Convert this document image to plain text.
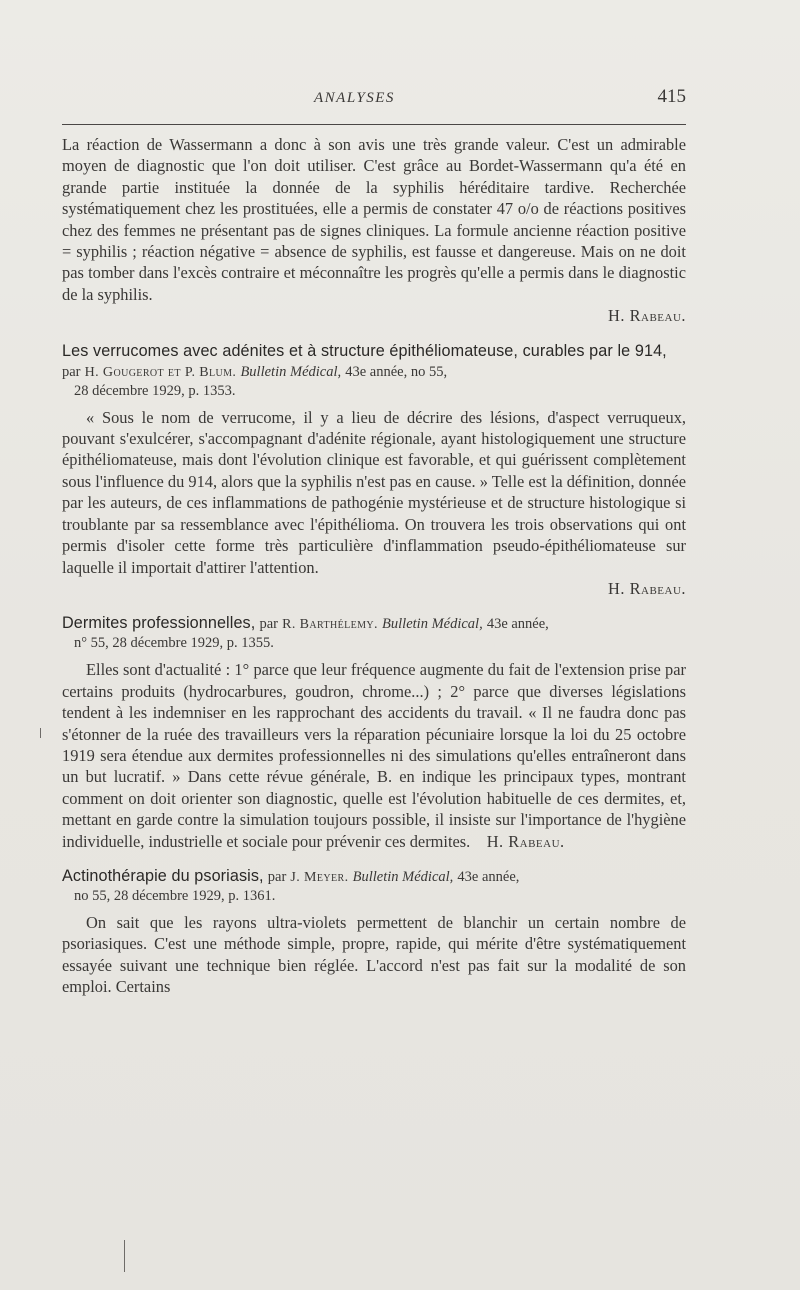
ANALYSES	415

La réaction de Wassermann a donc à son avis une très grande valeur. C'est un admirable moyen de diagnostic que l'on doit utiliser. C'est grâce au Bordet-Wassermann qu'a été en grande partie instituée la donnée de la syphilis héréditaire tardive. Recherchée systématiquement chez les prostituées, elle a permis de constater 47 o/o de réactions positives chez des femmes ne présentant pas de signes cliniques. La formule ancienne réaction positive = syphilis ; réaction négative = absence de syphilis, est fausse et dangereuse. Mais on ne doit pas tomber dans l'excès contraire et méconnaître les progrès qu'elle a permis dans le diagnostic de la syphilis.

H. Rabeau.

Les verrucomes avec adénites et à structure épithéliomateuse, curables par le 914, par H. Gougerot et P. Blum. Bulletin Médical, 43e année, no 55,
28 décembre 1929, p. 1353.

« Sous le nom de verrucome, il y a lieu de décrire des lésions, d'aspect verruqueux, pouvant s'exulcérer, s'accompagnant d'adénite régionale, ayant histologiquement une structure épithéliomateuse, mais dont l'évolution clinique est favorable, et qui guérissent complètement sous l'influence du 914, alors que la syphilis n'est pas en cause. » Telle est la définition, donnée par les auteurs, de ces inflammations de pathogénie mystérieuse et de structure histologique si troublante par sa ressemblance avec l'épithélioma. On trouvera les trois observations qui ont permis d'isoler cette forme très particulière d'inflammation pseudo-épithéliomateuse sur laquelle il importait d'attirer l'attention.

H. Rabeau.

Dermites professionnelles, par R. Barthélemy. Bulletin Médical, 43e année,
n° 55, 28 décembre 1929, p. 1355.

Elles sont d'actualité : 1° parce que leur fréquence augmente du fait de l'extension prise par certains produits (hydrocarbures, goudron, chrome...) ; 2° parce que diverses législations tendent à les indemniser en les rapprochant des accidents du travail. « Il ne faudra donc pas s'étonner de la ruée des travailleurs vers la réparation pécuniaire lorsque la loi du 25 octobre 1919 sera étendue aux dermites professionnelles ni des simulations qu'elles entraîneront dans un but lucratif. » Dans cette révue générale, B. en indique les principaux types, montrant comment on doit orienter son diagnostic, quelle est l'évolution habituelle de ces dermites, et, mettant en garde contre la simulation toujours possible, il insiste sur l'importance de l'hygiène individuelle, industrielle et sociale pour prévenir ces dermites. H. Rabeau.

Actinothérapie du psoriasis, par J. Meyer. Bulletin Médical, 43e année,
no 55, 28 décembre 1929, p. 1361.

On sait que les rayons ultra-violets permettent de blanchir un certain nombre de psoriasiques. C'est une méthode simple, propre, rapide, qui mérite d'être systématiquement essayée suivant une technique bien réglée. L'accord n'est pas fait sur la modalité de son emploi. Certains
